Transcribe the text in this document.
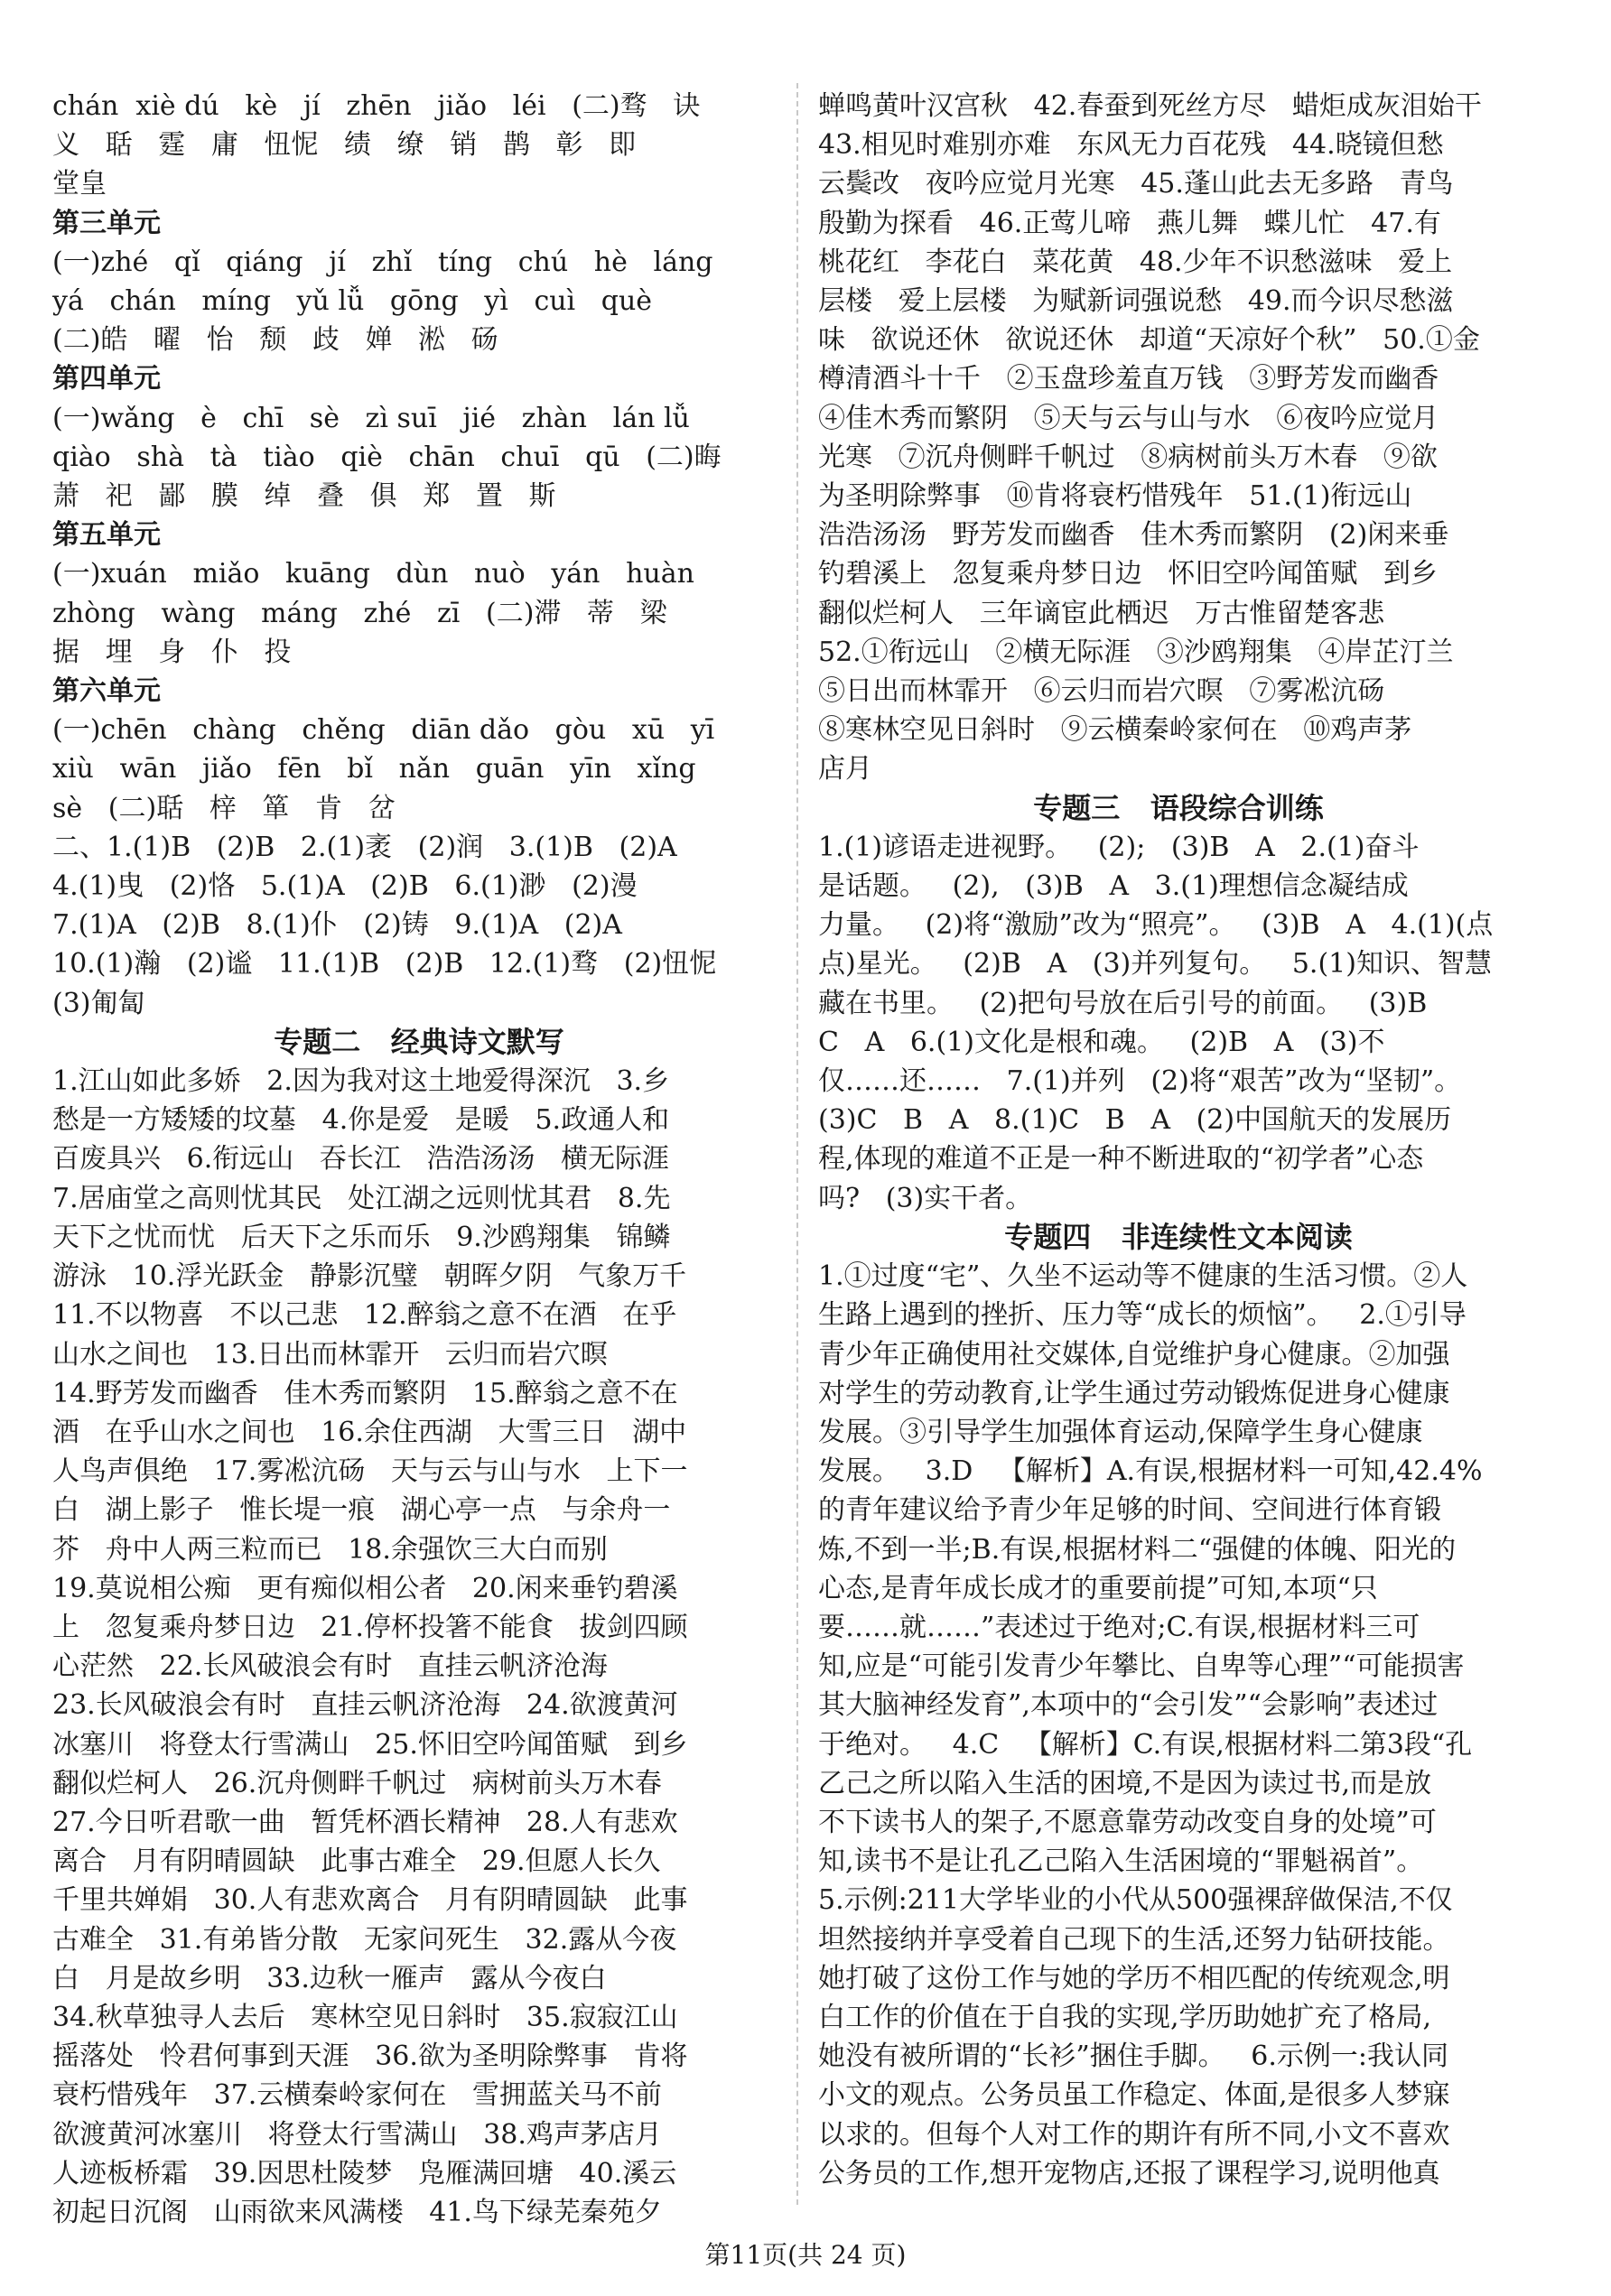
chán  xiè dú   kè   jí   zhēn   jiǎo   léi   (二)骛   诀

义   聒   霆   庸   忸怩   绩   缭   销   鹊   彰   即

堂皇

第三单元

(一)zhé   qǐ   qiáng   jí   zhǐ   tíng   chú   hè   láng

yá   chán   míng   yǔ lǚ   gōng   yì   cuì   què

(二)皓   曜   怡   颓   歧   婵   淞   砀

第四单元

(一)wǎng   è   chī   sè   zì suī   jié   zhàn   lán lǚ

qiào   shà   tà   tiào   qiè   chān   chuī   qū   (二)晦

萧   祀   鄙   膜   绰   叠   俱   郑   置   斯

第五单元

(一)xuán   miǎo   kuāng   dùn   nuò   yán   huàn

zhòng   wàng   máng   zhé   zī   (二)滞   蒂   梁

据   埋   身   仆   投

第六单元

(一)chēn   chàng   chěng   diān dǎo   gòu   xū   yī

xiù   wān   jiǎo   fēn   bǐ   nǎn   guān   yīn   xǐng

sè   (二)聒   梓   箪   肯   岔

二、1.(1)B   (2)B   2.(1)袤   (2)润   3.(1)B   (2)A

4.(1)曳   (2)恪   5.(1)A   (2)B   6.(1)渺   (2)漫

7.(1)A   (2)B   8.(1)仆   (2)铸   9.(1)A   (2)A

10.(1)瀚   (2)谧   11.(1)B   (2)B   12.(1)骛   (2)忸怩

(3)匍匐

专题二   经典诗文默写

1.江山如此多娇   2.因为我对这土地爱得深沉   3.乡

愁是一方矮矮的坟墓   4.你是爱   是暖   5.政通人和

百废具兴   6.衔远山   吞长江   浩浩汤汤   横无际涯

7.居庙堂之高则忧其民   处江湖之远则忧其君   8.先

天下之忧而忧   后天下之乐而乐   9.沙鸥翔集   锦鳞

游泳   10.浮光跃金   静影沉璧   朝晖夕阴   气象万千

11.不以物喜   不以己悲   12.醉翁之意不在酒   在乎

山水之间也   13.日出而林霏开   云归而岩穴暝

14.野芳发而幽香   佳木秀而繁阴   15.醉翁之意不在

酒   在乎山水之间也   16.余住西湖   大雪三日   湖中

人鸟声俱绝   17.雾凇沆砀   天与云与山与水   上下一

白   湖上影子   惟长堤一痕   湖心亭一点   与余舟一

芥   舟中人两三粒而已   18.余强饮三大白而别

19.莫说相公痴   更有痴似相公者   20.闲来垂钓碧溪

上   忽复乘舟梦日边   21.停杯投箸不能食   拔剑四顾

心茫然   22.长风破浪会有时   直挂云帆济沧海

23.长风破浪会有时   直挂云帆济沧海   24.欲渡黄河

冰塞川   将登太行雪满山   25.怀旧空吟闻笛赋   到乡

翻似烂柯人   26.沉舟侧畔千帆过   病树前头万木春

27.今日听君歌一曲   暂凭杯酒长精神   28.人有悲欢

离合   月有阴晴圆缺   此事古难全   29.但愿人长久

千里共婵娟   30.人有悲欢离合   月有阴晴圆缺   此事

古难全   31.有弟皆分散   无家问死生   32.露从今夜

白   月是故乡明   33.边秋一雁声   露从今夜白

34.秋草独寻人去后   寒林空见日斜时   35.寂寂江山

摇落处   怜君何事到天涯   36.欲为圣明除弊事   肯将

衰朽惜残年   37.云横秦岭家何在   雪拥蓝关马不前

欲渡黄河冰塞川   将登太行雪满山   38.鸡声茅店月

人迹板桥霜   39.因思杜陵梦   凫雁满回塘   40.溪云

初起日沉阁   山雨欲来风满楼   41.鸟下绿芜秦苑夕

蝉鸣黄叶汉宫秋   42.春蚕到死丝方尽   蜡炬成灰泪始干

43.相见时难别亦难   东风无力百花残   44.晓镜但愁

云鬓改   夜吟应觉月光寒   45.蓬山此去无多路   青鸟

殷勤为探看   46.正莺儿啼   燕儿舞   蝶儿忙   47.有

桃花红   李花白   菜花黄   48.少年不识愁滋味   爱上

层楼   爱上层楼   为赋新词强说愁   49.而今识尽愁滋

味   欲说还休   欲说还休   却道“天凉好个秋”   50.①金

樽清酒斗十千   ②玉盘珍羞直万钱   ③野芳发而幽香

④佳木秀而繁阴   ⑤天与云与山与水   ⑥夜吟应觉月

光寒   ⑦沉舟侧畔千帆过   ⑧病树前头万木春   ⑨欲

为圣明除弊事   ⑩肯将衰朽惜残年   51.(1)衔远山

浩浩汤汤   野芳发而幽香   佳木秀而繁阴   (2)闲来垂

钓碧溪上   忽复乘舟梦日边   怀旧空吟闻笛赋   到乡

翻似烂柯人   三年谪宦此栖迟   万古惟留楚客悲

52.①衔远山   ②横无际涯   ③沙鸥翔集   ④岸芷汀兰

⑤日出而林霏开   ⑥云归而岩穴暝   ⑦雾凇沆砀

⑧寒林空见日斜时   ⑨云横秦岭家何在   ⑩鸡声茅

店月

专题三   语段综合训练

1.(1)谚语走进视野。   (2);   (3)B   A   2.(1)奋斗

是话题。   (2),   (3)B   A   3.(1)理想信念凝结成

力量。   (2)将“激励”改为“照亮”。   (3)B   A   4.(1)(点

点)星光。   (2)B   A   (3)并列复句。   5.(1)知识、智慧

藏在书里。   (2)把句号放在后引号的前面。   (3)B

C   A   6.(1)文化是根和魂。   (2)B   A   (3)不

仅……还……   7.(1)并列   (2)将“艰苦”改为“坚韧”。

(3)C   B   A   8.(1)C   B   A   (2)中国航天的发展历

程,体现的难道不正是一种不断进取的“初学者”心态

吗?   (3)实干者。

专题四   非连续性文本阅读

1.①过度“宅”、久坐不运动等不健康的生活习惯。②人

生路上遇到的挫折、压力等“成长的烦恼”。   2.①引导

青少年正确使用社交媒体,自觉维护身心健康。②加强

对学生的劳动教育,让学生通过劳动锻炼促进身心健康

发展。③引导学生加强体育运动,保障学生身心健康

发展。   3.D   【解析】A.有误,根据材料一可知,42.4%

的青年建议给予青少年足够的时间、空间进行体育锻

炼,不到一半;B.有误,根据材料二“强健的体魄、阳光的

心态,是青年成长成才的重要前提”可知,本项“只

要……就……”表述过于绝对;C.有误,根据材料三可

知,应是“可能引发青少年攀比、自卑等心理”“可能损害

其大脑神经发育”,本项中的“会引发”“会影响”表述过

于绝对。   4.C   【解析】C.有误,根据材料二第3段“孔

乙己之所以陷入生活的困境,不是因为读过书,而是放

不下读书人的架子,不愿意靠劳动改变自身的处境”可

知,读书不是让孔乙己陷入生活困境的“罪魁祸首”。

5.示例:211大学毕业的小代从500强裸辞做保洁,不仅

坦然接纳并享受着自己现下的生活,还努力钻研技能。

她打破了这份工作与她的学历不相匹配的传统观念,明

白工作的价值在于自我的实现,学历助她扩充了格局,

她没有被所谓的“长衫”捆住手脚。   6.示例一:我认同

小文的观点。公务员虽工作稳定、体面,是很多人梦寐

以求的。但每个人对工作的期许有所不同,小文不喜欢

公务员的工作,想开宠物店,还报了课程学习,说明他真

第11页(共 24 页)
